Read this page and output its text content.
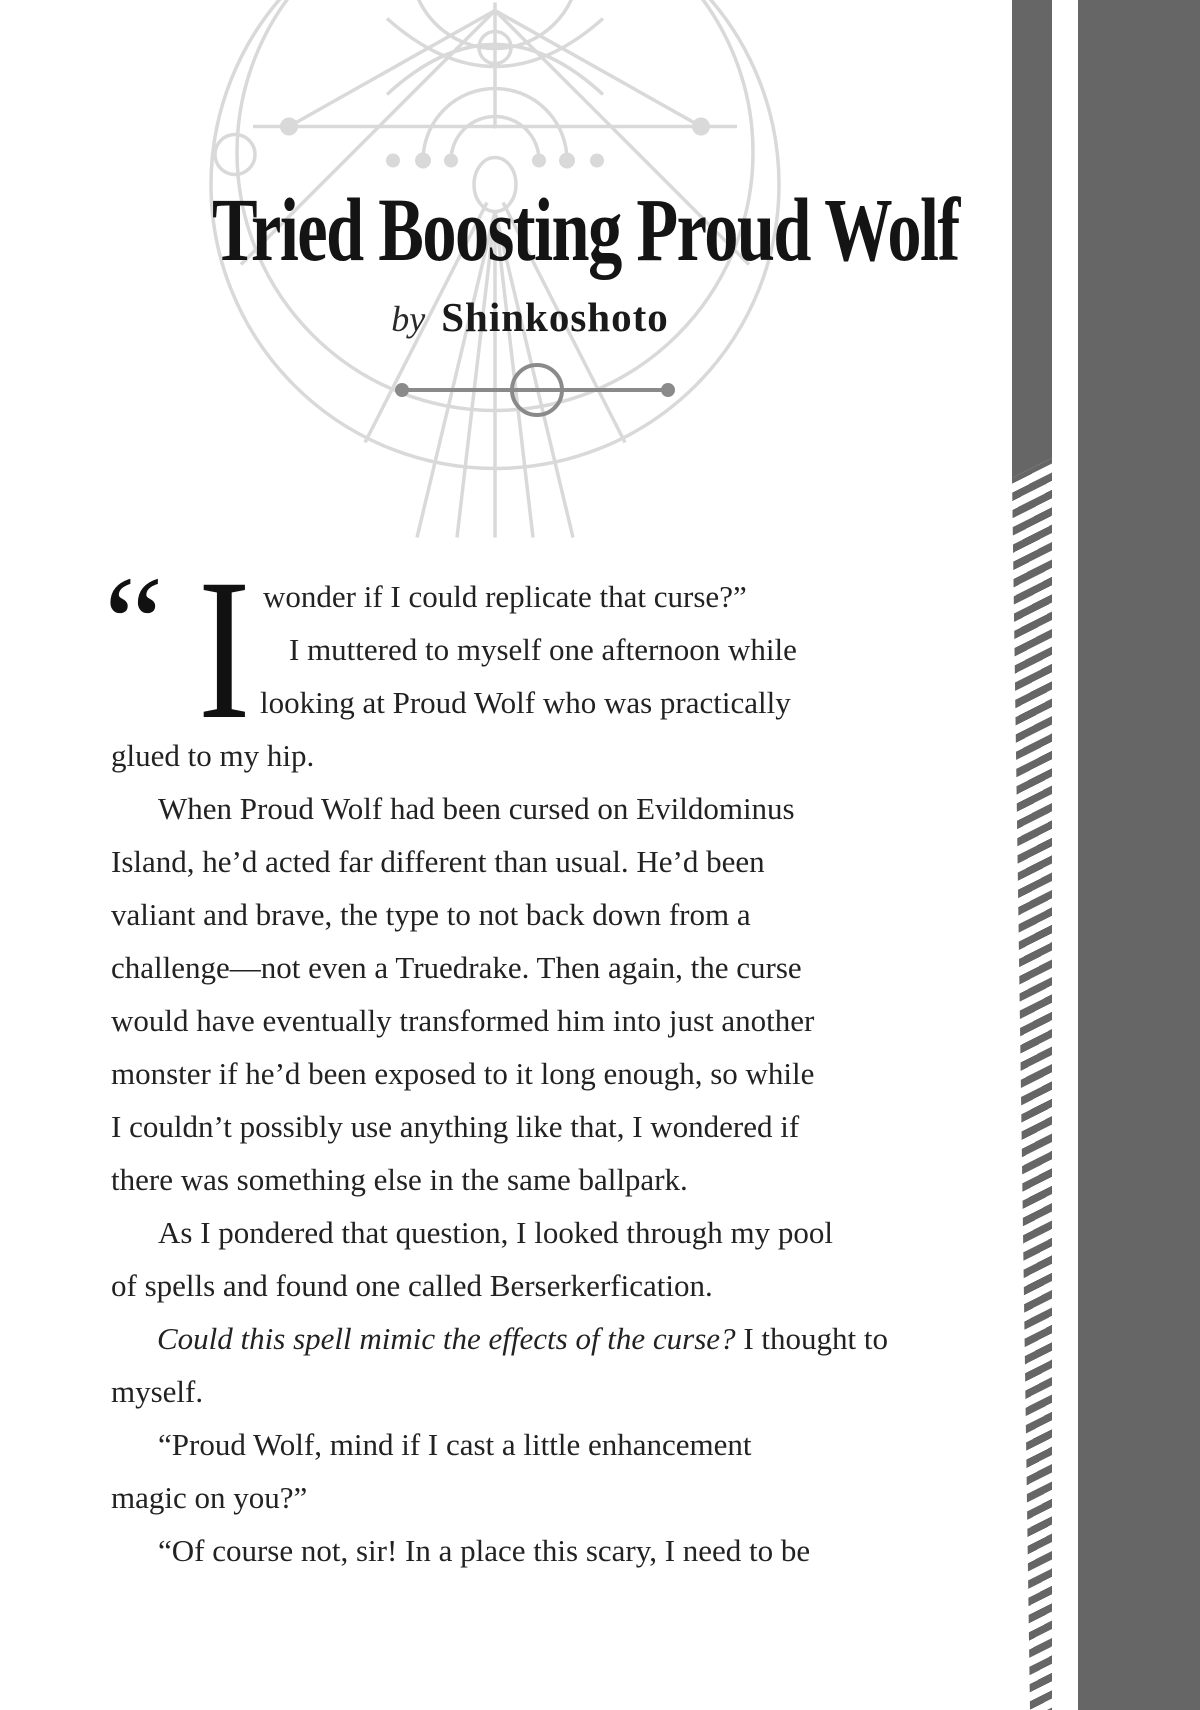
Tried Boosting Proud Wolf
by Shinkoshoto
“ I wonder if I could replicate that curse?”
I muttered to myself one afternoon while
looking at Proud Wolf who was practically
glued to my hip.
When Proud Wolf had been cursed on Evildominus
Island, he’d acted far different than usual. He’d been
valiant and brave, the type to not back down from a
challenge—not even a Truedrake. Then again, the curse
would have eventually transformed him into just another
monster if he’d been exposed to it long enough, so while
I couldn’t possibly use anything like that, I wondered if
there was something else in the same ballpark.
As I pondered that question, I looked through my pool
of spells and found one called Berserkerfication.
Could this spell mimic the effects of the curse? I thought to
myself.
“Proud Wolf, mind if I cast a little enhancement
magic on you?”
“Of course not, sir! In a place this scary, I need to be
